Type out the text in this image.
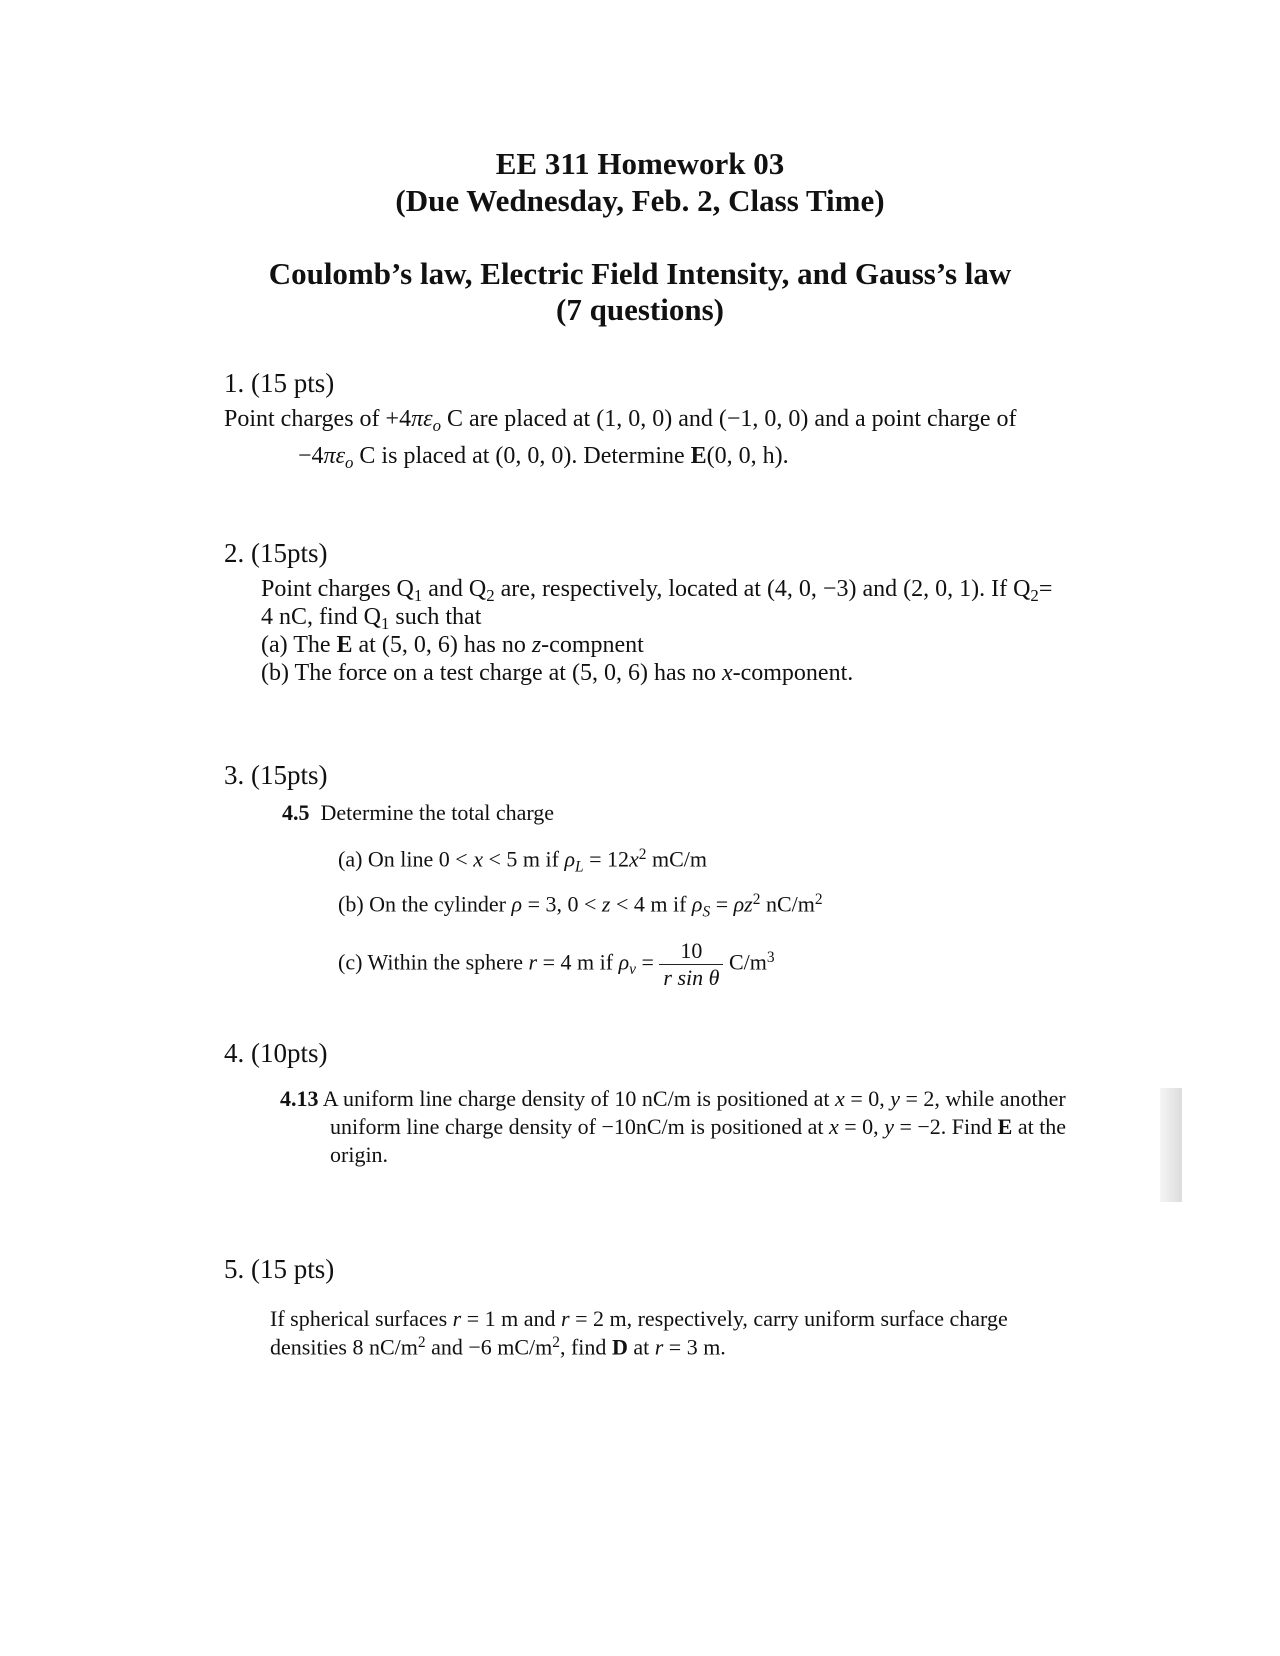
EE 311 Homework 03
(Due Wednesday, Feb. 2, Class Time)
Coulomb’s law, Electric Field Intensity, and Gauss’s law
(7 questions)
1. (15 pts)
Point charges of $+4\pi\varepsilon_o$ C are placed at (1, 0, 0) and (−1, 0, 0) and a point charge of
$-4\pi\varepsilon_o$ C is placed at (0, 0, 0). Determine E(0, 0, h).
2. (15pts)
Point charges $Q_1$ and $Q_2$ are, respectively, located at (4, 0, −3) and (2, 0, 1). If $Q_2=$
4 nC, find $Q_1$ such that
(a) The E at (5, 0, 6) has no z-compnent
(b) The force on a test charge at (5, 0, 6) has no x-component.
3. (15pts)
4.5 Determine the total charge
(a) On line 0 < x < 5 m if $\rho_L = 12x^2$ mC/m
(b) On the cylinder ρ = 3, 0 < z < 4 m if $\rho_S = \rho z^2$ $nC/m^2$
(c) Within the sphere r = 4 m if $\rho_v = \frac{10}{\text{r sin θ}} C/m^3$
4. (10pts)
4.13 A uniform line charge density of 10 nC/m is positioned at x = 0, y = 2, while another
uniform line charge density of −10nC/m is positioned at x = 0, y = −2. Find E at the
origin.
5. (15 pts)
If spherical surfaces r = 1 m and r = 2 m, respectively, carry uniform surface charge
densities 8 $nC/m^2$ and −6 $mC/m^2$, find D at r = 3 m.
